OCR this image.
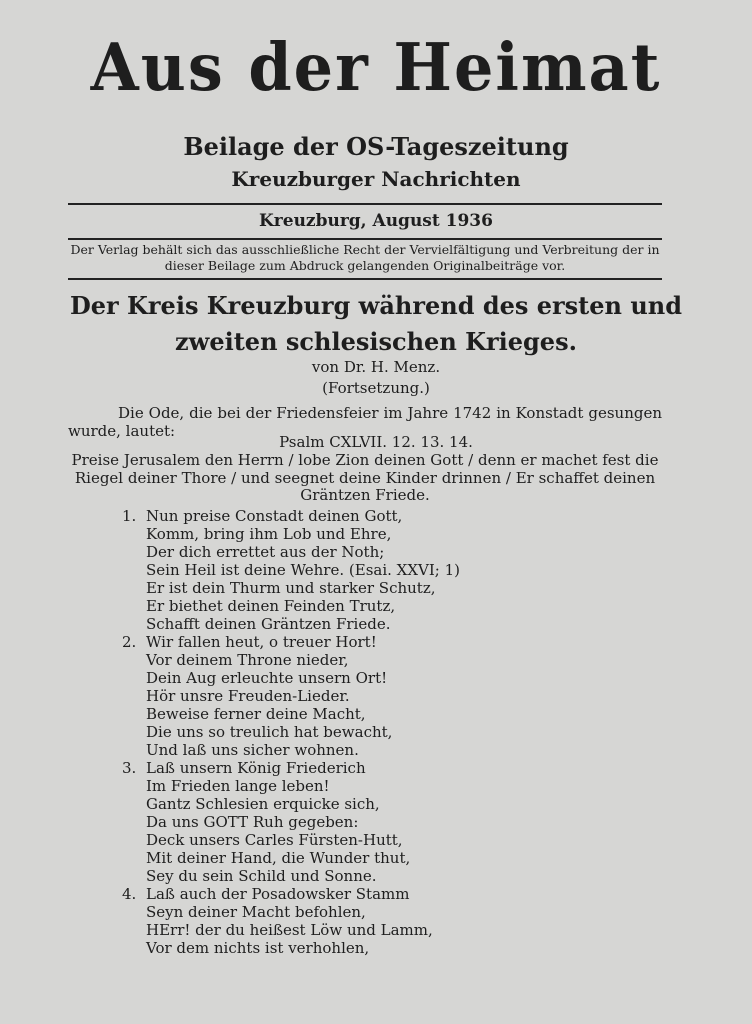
Aus der Heimat
Beilage der OS-Tageszeitung
Kreuzburger Nachrichten
Kreuzburg, August 1936
Der Verlag behält sich das ausschließliche Recht der Vervielfältigung und Verbreitung der in dieser Beilage zum Abdruck gelangenden Originalbeiträge vor.
Der Kreis Kreuzburg während des ersten und zweiten schlesischen Krieges.
von Dr. H. Menz.
(Fortsetzung.)
Die Ode, die bei der Friedensfeier im Jahre 1742 in Konstadt gesungen wurde, lautet:
Psalm CXLVII. 12. 13. 14.
Preise Jerusalem den Herrn / lobe Zion deinen Gott / denn er machet fest die Riegel deiner Thore / und seegnet deine Kinder drinnen / Er schaffet deinen Gräntzen Friede.
1. Nun preise Constadt deinen Gott,
Komm, bring ihm Lob und Ehre,
Der dich errettet aus der Noth;
Sein Heil ist deine Wehre. (Esai. XXVI; 1)
Er ist dein Thurm und starker Schutz,
Er biethet deinen Feinden Trutz,
Schafft deinen Gräntzen Friede.
2. Wir fallen heut, o treuer Hort!
Vor deinem Throne nieder,
Dein Aug erleuchte unsern Ort!
Hör unsre Freuden-Lieder.
Beweise ferner deine Macht,
Die uns so treulich hat bewacht,
Und laß uns sicher wohnen.
3. Laß unsern König Friederich
Im Frieden lange leben!
Gantz Schlesien erquicke sich,
Da uns GOTT Ruh gegeben:
Deck unsers Carles Fürsten-Hutt,
Mit deiner Hand, die Wunder thut,
Sey du sein Schild und Sonne.
4. Laß auch der Posadowsker Stamm
Seyn deiner Macht befohlen,
HErr! der du heißest Löw und Lamm,
Vor dem nichts ist verhohlen,
